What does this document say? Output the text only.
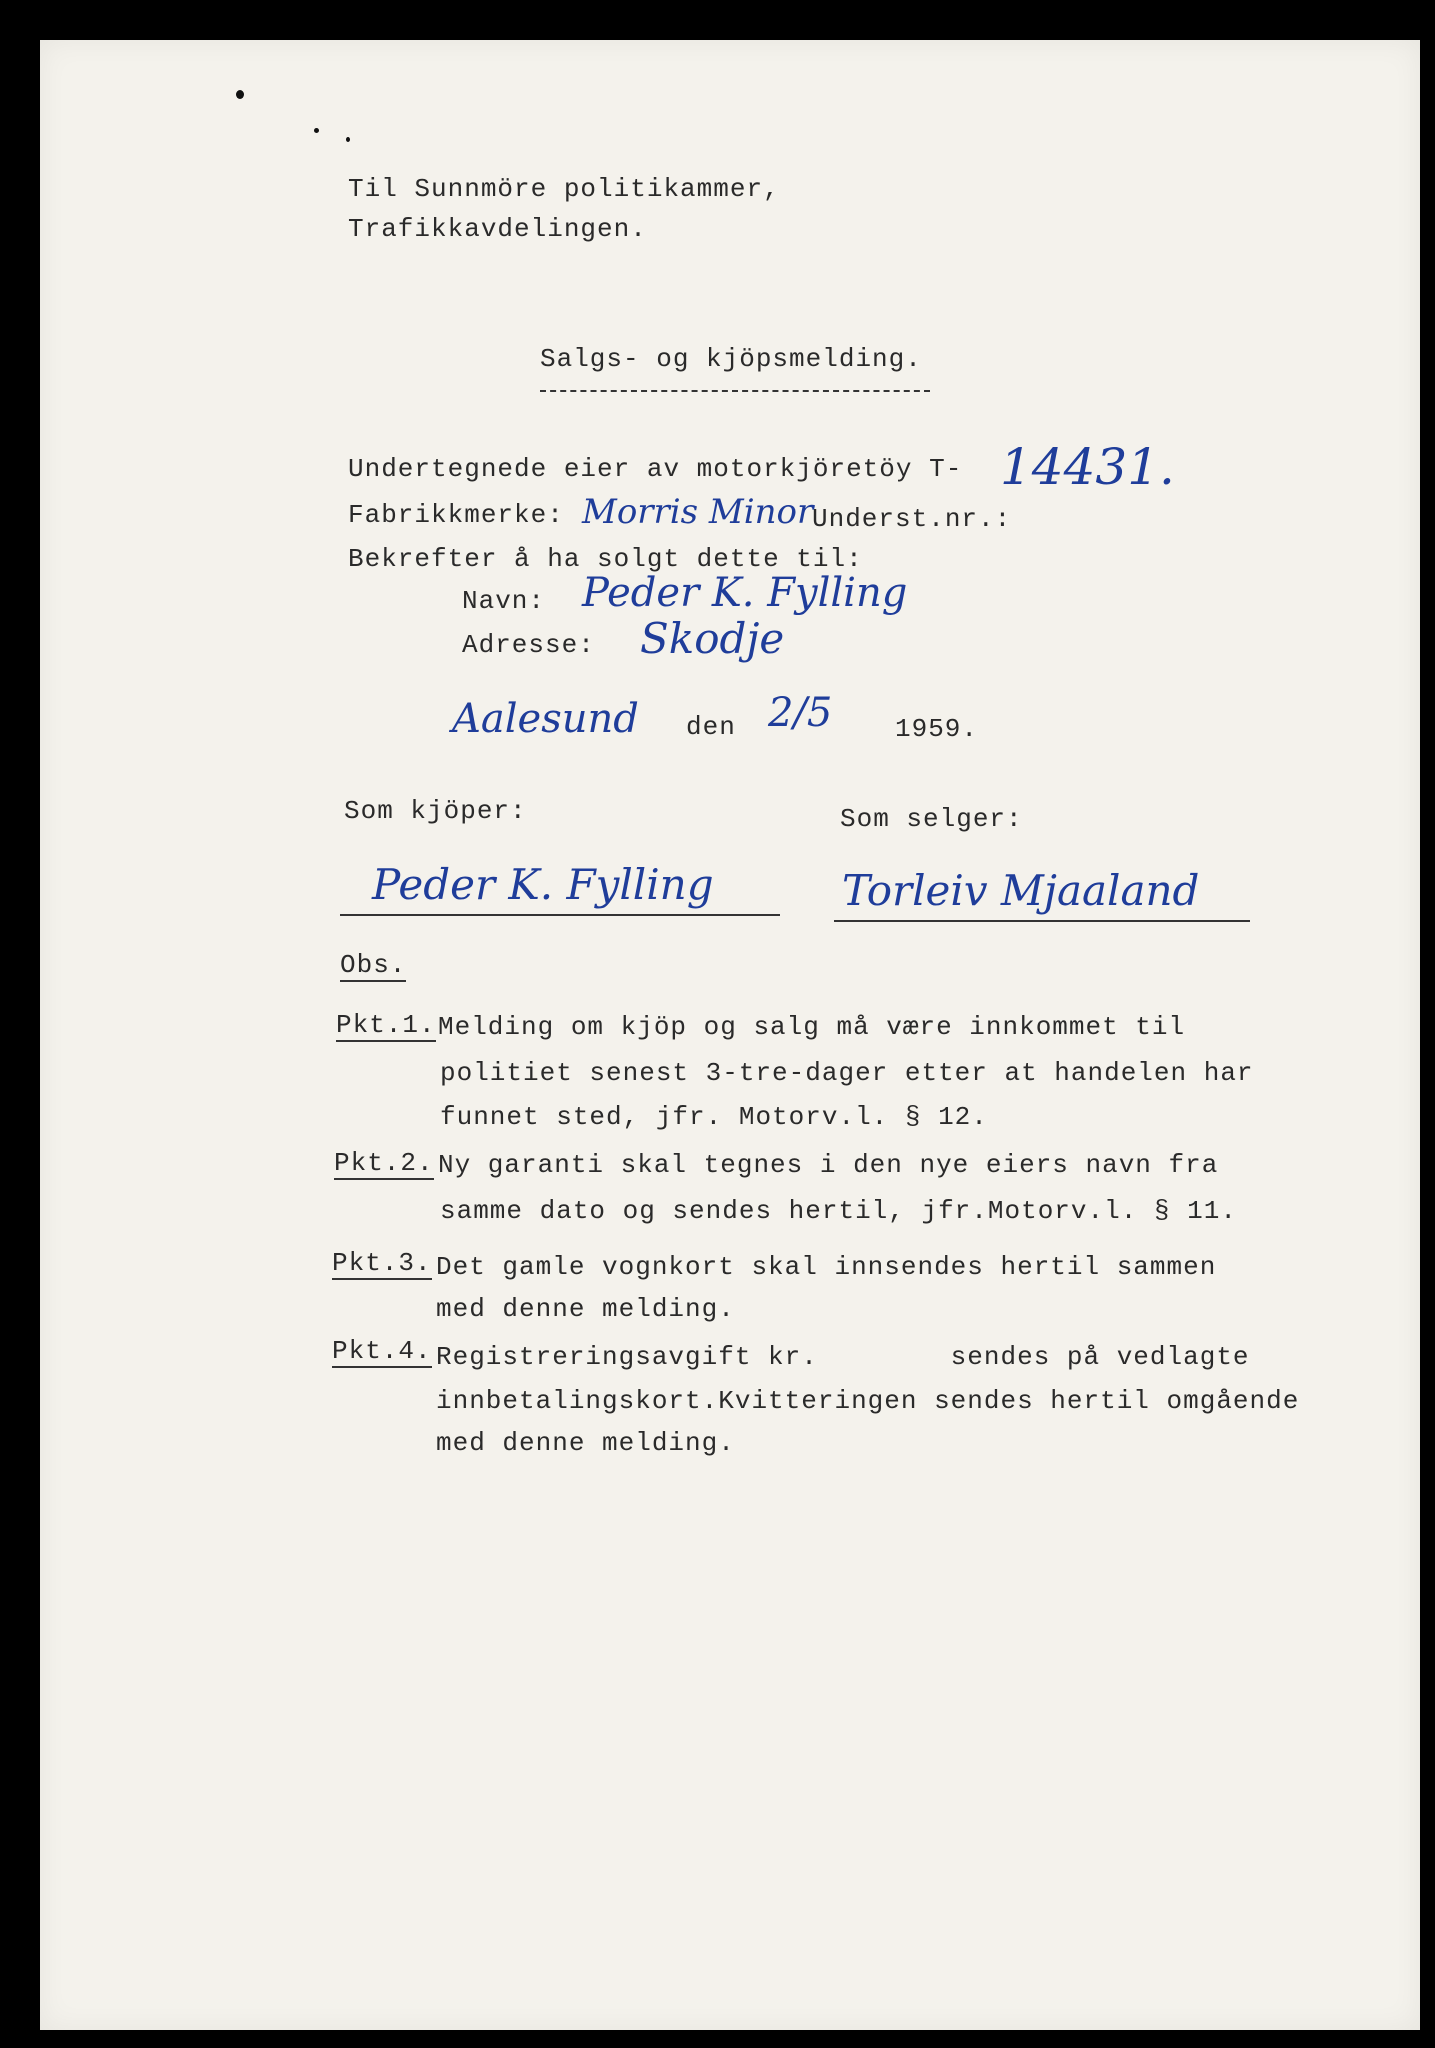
Til Sunnmöre politikammer,
Trafikkavdelingen.
Salgs- og kjöpsmelding.
Undertegnede eier av motorkjöretöy T- 14431.
Fabrikkmerke: Morris Minor
Underst.nr.:
Bekrefter å ha solgt dette til:
Navn: Peder K. Fylling
Adresse: Skodje
Aalesund den 2/5 1959.
Som kjöper:	Som selger:
Peder K. Fylling	Torleiv Mjaaland
Obs.
Pkt.1. Melding om kjöp og salg må være innkommet til
politiet senest 3-tre-dager etter at handelen har
funnet sted, jfr. Motorv.l. § 12.
Pkt.2. Ny garanti skal tegnes i den nye eiers navn fra
samme dato og sendes hertil, jfr.Motorv.l. § 11.
Pkt.3. Det gamle vognkort skal innsendes hertil sammen
med denne melding.
Pkt.4. Registreringsavgift kr.        sendes på vedlagte
innbetalingskort.Kvitteringen sendes hertil omgående
med denne melding.
